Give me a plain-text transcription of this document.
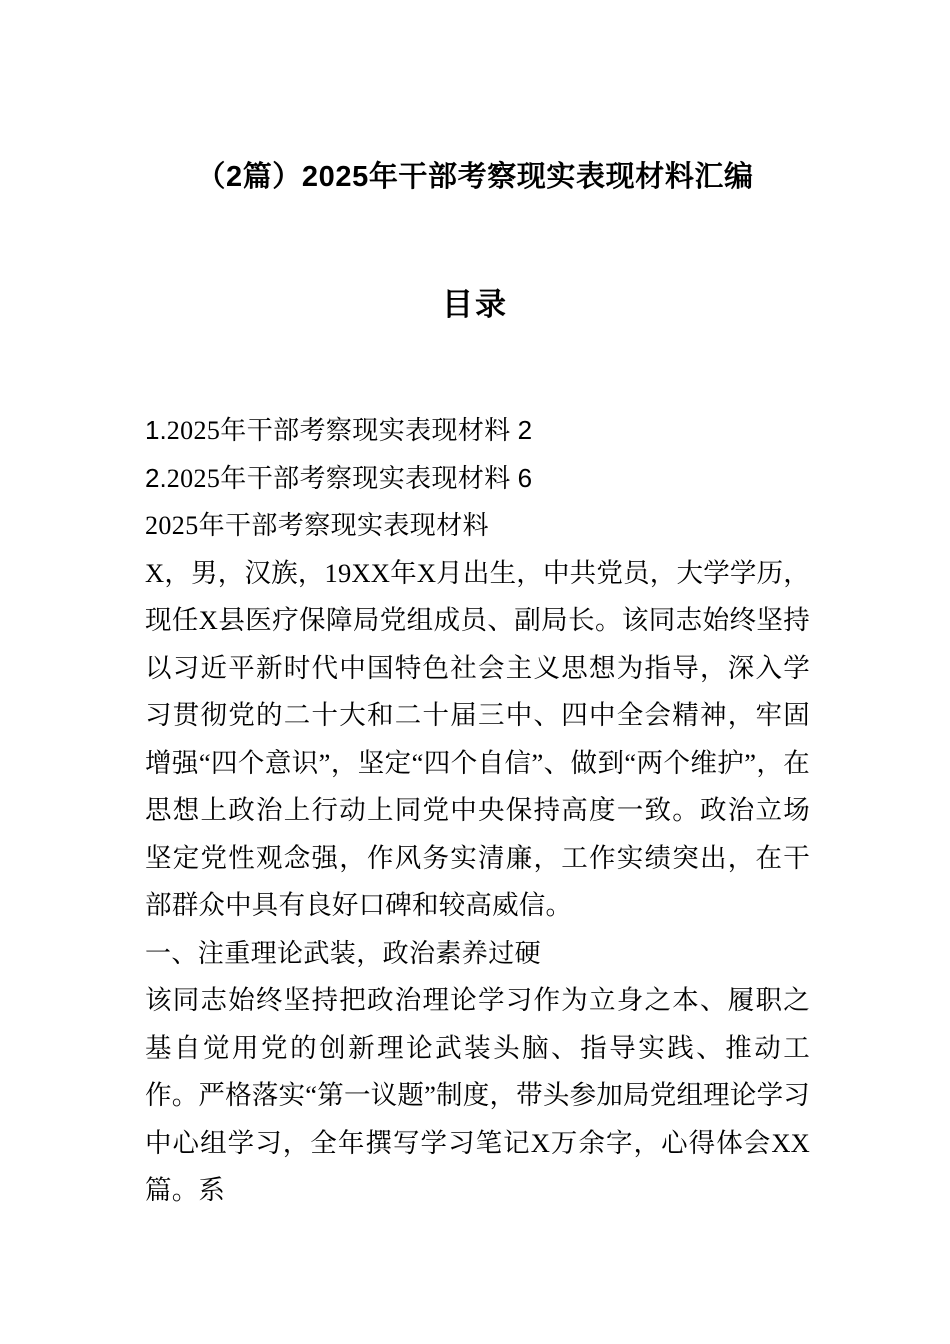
（2篇）2025年干部考察现实表现材料汇编
目录
1.2025年干部考察现实表现材料 2
2.2025年干部考察现实表现材料 6
2025年干部考察现实表现材料
X，男，汉族，19XX年X月出生，中共党员，大学学历，现任X县医疗保障局党组成员、副局长。该同志始终坚持以习近平新时代中国特色社会主义思想为指导，深入学习贯彻党的二十大和二十届三中、四中全会精神，牢固增强“四个意识”，坚定“四个自信”、做到“两个维护”，在思想上政治上行动上同党中央保持高度一致。政治立场坚定党性观念强，作风务实清廉，工作实绩突出，在干部群众中具有良好口碑和较高威信。
一、注重理论武装，政治素养过硬
该同志始终坚持把政治理论学习作为立身之本、履职之基自觉用党的创新理论武装头脑、指导实践、推动工作。严格落实“第一议题”制度，带头参加局党组理论学习中心组学习，全年撰写学习笔记X万余字，心得体会XX篇。系
